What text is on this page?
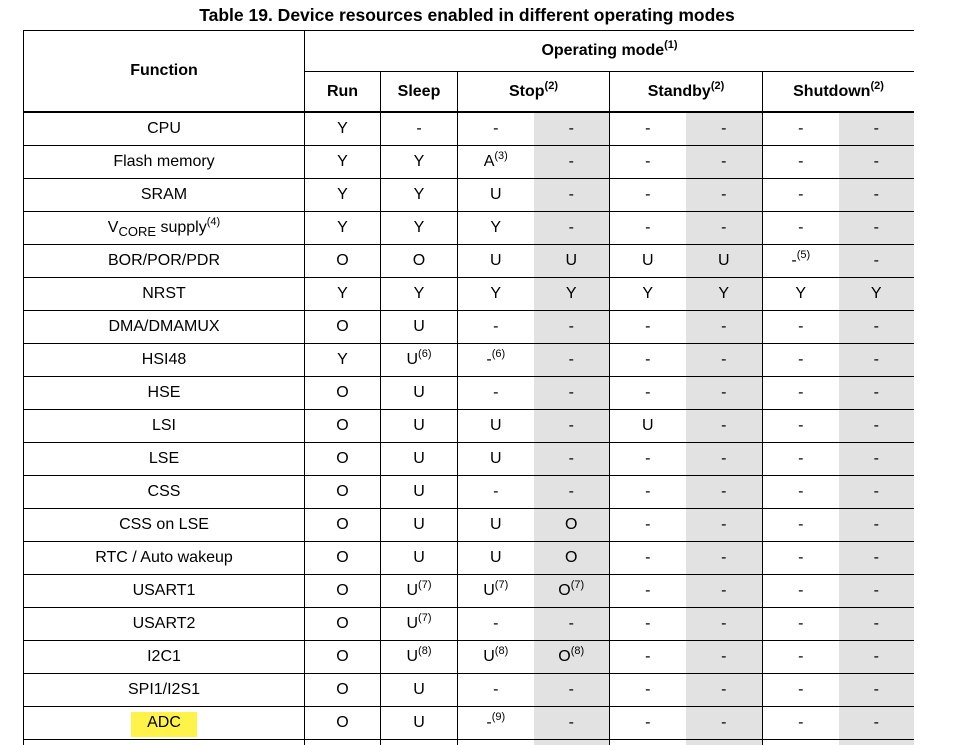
Table 19. Device resources enabled in different operating modes
Function	Operating mode$^{(1)}$
	Run	Sleep	Stop$^{(2)}$		Standby$^{(2)}$		Shutdown$^{(2)}$
CPU	Y	-	-	-	-	-	-	-
Flash memory	Y	Y	$A^{(3)}$	-	-	-	-	-
SRAM	Y	Y	U	-	-	-	-	-
$V_{CORE}$ supply$^{(4)}$	Y	Y	Y	-	-	-	-	-
BOR/POR/PDR	O	O	U	U	U	U	-$^{(5)}$	-
NRST	Y	Y	Y	Y	Y	Y	Y	Y
DMA/DMAMUX	O	U	-	-	-	-	-	-
HSI48	Y	$U^{(6)}$	-$^{(6)}$	-	-	-	-	-
HSE	O	U	-	-	-	-	-	-
LSI	O	U	U	-	U	-	-	-
LSE	O	U	U	-	-	-	-	-
CSS	O	U	-	-	-	-	-	-
CSS on LSE	O	U	U	O	-	-	-	-
RTC / Auto wakeup	O	U	U	O	-	-	-	-
USART1	O	$U^{(7)}$	$U^{(7)}$	$O^{(7)}$	-	-	-	-
USART2	O	$U^{(7)}$	-	-	-	-	-	-
I2C1	O	$U^{(8)}$	$U^{(8)}$	$O^{(8)}$	-	-	-	-
SPI1/I2S1	O	U	-	-	-	-	-	-
ADC	O	U	-$^{(9)}$	-	-	-	-	-
